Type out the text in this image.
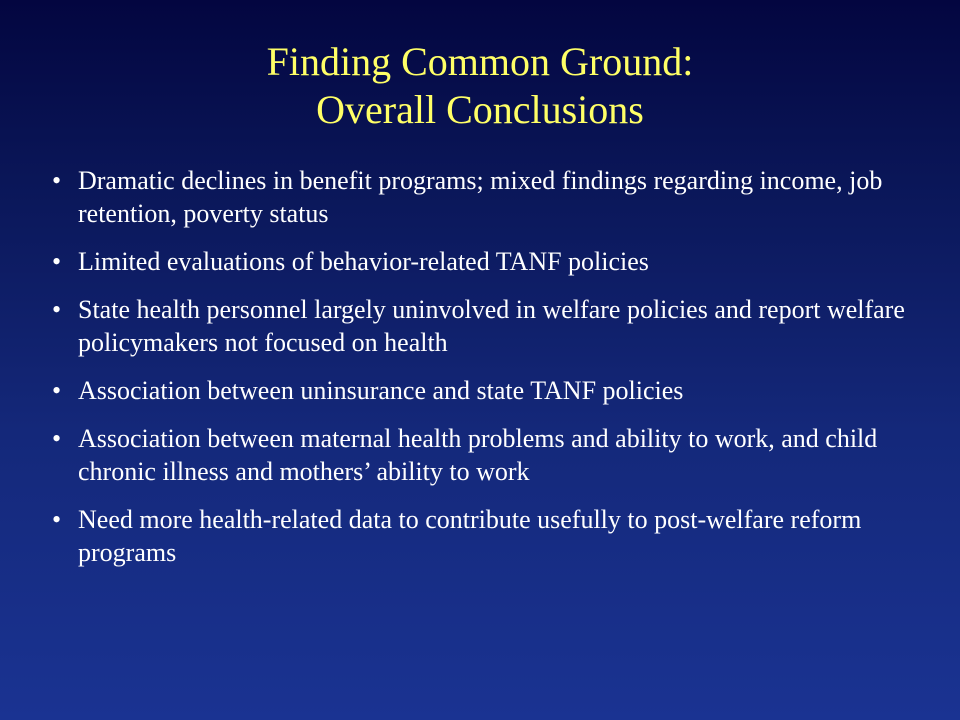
Finding Common Ground:
Overall Conclusions
• Dramatic declines in benefit programs; mixed findings regarding income, job retention, poverty status
• Limited evaluations of behavior-related TANF policies
• State health personnel largely uninvolved in welfare policies and report welfare policymakers not focused on health
• Association between uninsurance and state TANF policies
• Association between maternal health problems and ability to work, and child chronic illness and mothers’ ability to work
• Need more health-related data to contribute usefully to post-welfare reform programs
